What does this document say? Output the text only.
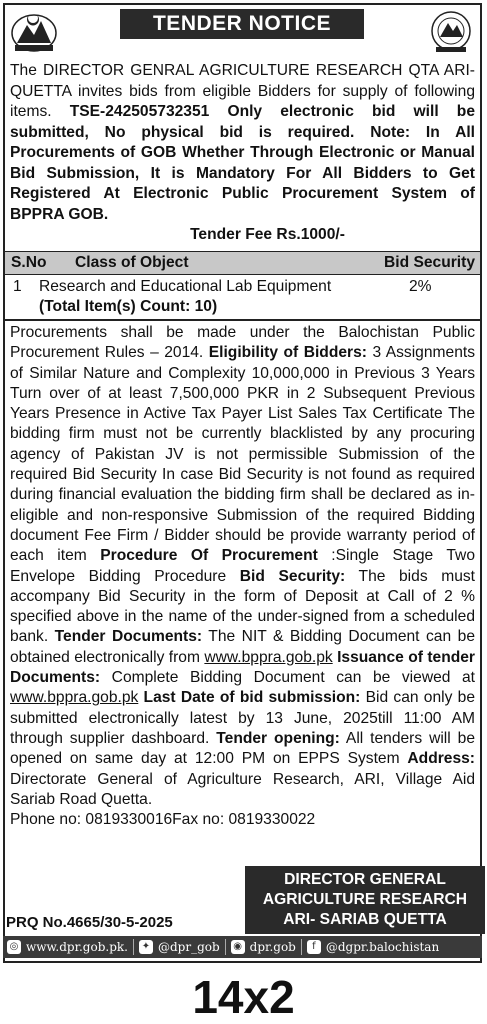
TENDER NOTICE
The DIRECTOR GENRAL AGRICULTURE RESEARCH QTA ARI-QUETTA invites bids from eligible Bidders for supply of following items. TSE-242505732351 Only electronic bid will be submitted, No physical bid is required. Note: In All Procurements of GOB Whether Through Electronic or Manual Bid Submission, It is Mandatory For All Bidders to Get Registered At Electronic Public Procurement System of BPPRA GOB.
Tender Fee Rs.1000/-
S.No Class of Object	Bid Security
1 Research and Educational Lab Equipment
(Total Item(s) Count: 10)
2%
Procurements shall be made under the Balochistan Public Procurement Rules – 2014. Eligibility of Bidders: 3 Assignments of Similar Nature and Complexity 10,000,000 in Previous 3 Years Turn over of at least 7,500,000 PKR in 2 Subsequent Previous Years Presence in Active Tax Payer List Sales Tax Certificate The bidding firm must not be currently blacklisted by any procuring agency of Pakistan JV is not permissible Submission of the required Bid Security In case Bid Security is not found as required during financial evaluation the bidding firm shall be declared as in-eligible and non-responsive Submission of the required Bidding document Fee Firm / Bidder should be provide warranty period of each item Procedure Of Procurement :Single Stage Two Envelope Bidding Procedure Bid Security: The bids must accompany Bid Security in the form of Deposit at Call of 2 % specified above in the name of the under-signed from a scheduled bank. Tender Documents: The NIT & Bidding Document can be obtained electronically from www.bppra.gob.pk Issuance of tender Documents: Complete Bidding Document can be viewed at www.bppra.gob.pk Last Date of bid submission: Bid can only be submitted electronically latest by 13 June, 2025till 11:00 AM through supplier dashboard. Tender opening: All tenders will be opened on same day at 12:00 PM on EPPS System Address: Directorate General of Agriculture Research, ARI, Village Aid Sariab Road Quetta.
Phone no: 0819330016Fax no: 0819330022
DIRECTOR GENERAL
AGRICULTURE RESEARCH
ARI- SARIAB QUETTA
PRQ No.4665/30-5-2025
◎ www.dpr.gob.pk. ✦ @dpr_gob ◉ dpr.gob	f @dgpr.balochistan
14x2
